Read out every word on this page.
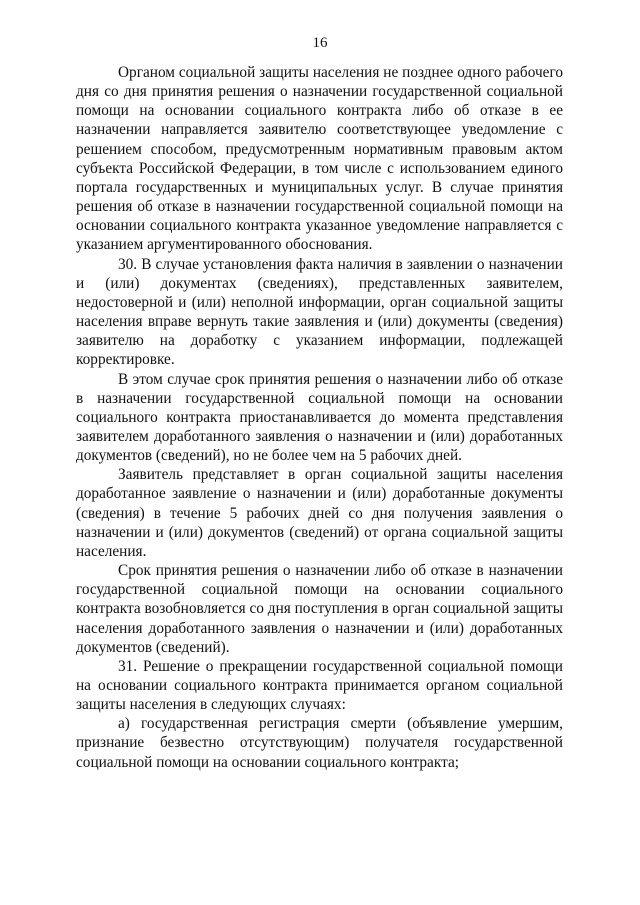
16

Органом социальной защиты населения не позднее одного рабочего дня со дня принятия решения о назначении государственной социальной помощи на основании социального контракта либо об отказе в ее назначении направляется заявителю соответствующее уведомление с решением способом, предусмотренным нормативным правовым актом субъекта Российской Федерации, в том числе с использованием единого портала государственных и муниципальных услуг. В случае принятия решения об отказе в назначении государственной социальной помощи на основании социального контракта указанное уведомление направляется с указанием аргументированного обоснования.

30. В случае установления факта наличия в заявлении о назначении и (или) документах (сведениях), представленных заявителем, недостоверной и (или) неполной информации, орган социальной защиты населения вправе вернуть такие заявления и (или) документы (сведения) заявителю на доработку с указанием информации, подлежащей корректировке.

В этом случае срок принятия решения о назначении либо об отказе в назначении государственной социальной помощи на основании социального контракта приостанавливается до момента представления заявителем доработанного заявления о назначении и (или) доработанных документов (сведений), но не более чем на 5 рабочих дней.

Заявитель представляет в орган социальной защиты населения доработанное заявление о назначении и (или) доработанные документы (сведения) в течение 5 рабочих дней со дня получения заявления о назначении и (или) документов (сведений) от органа социальной защиты населения.

Срок принятия решения о назначении либо об отказе в назначении государственной социальной помощи на основании социального контракта возобновляется со дня поступления в орган социальной защиты населения доработанного заявления о назначении и (или) доработанных документов (сведений).

31. Решение о прекращении государственной социальной помощи на основании социального контракта принимается органом социальной защиты населения в следующих случаях:

а) государственная регистрация смерти (объявление умершим, признание безвестно отсутствующим) получателя государственной социальной помощи на основании социального контракта;
